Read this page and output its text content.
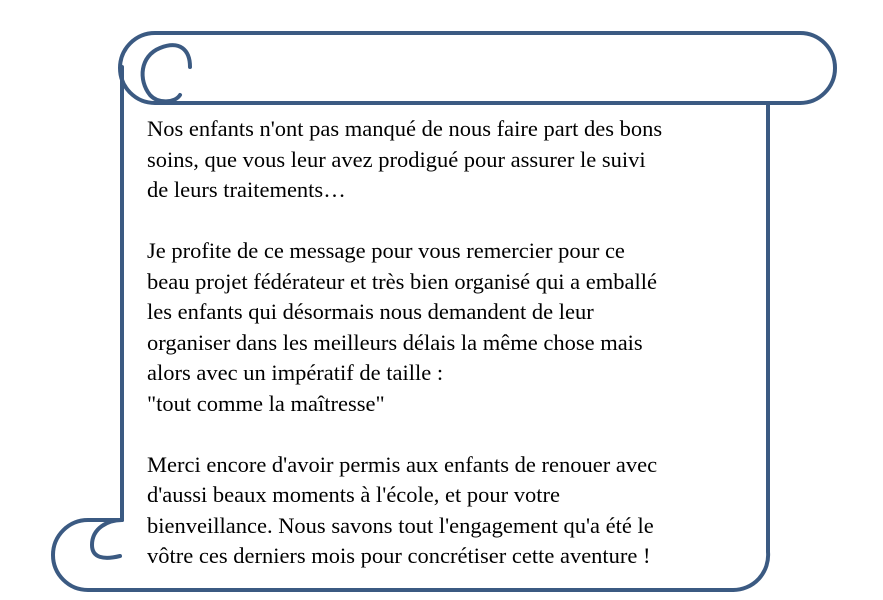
Nos enfants n'ont pas manqué de nous faire part des bons
soins, que vous leur avez prodigué pour assurer le suivi
de leurs traitements…

Je profite de ce message pour vous remercier pour ce
beau projet fédérateur et très bien organisé qui a emballé
les enfants qui désormais nous demandent de leur
organiser dans les meilleurs délais la même chose mais
alors avec un impératif de taille :
"tout comme la maîtresse"

Merci encore d'avoir permis aux enfants de renouer avec
d'aussi beaux moments à l'école, et pour votre
bienveillance. Nous savons tout l'engagement qu'a été le
vôtre ces derniers mois pour concrétiser cette aventure !
